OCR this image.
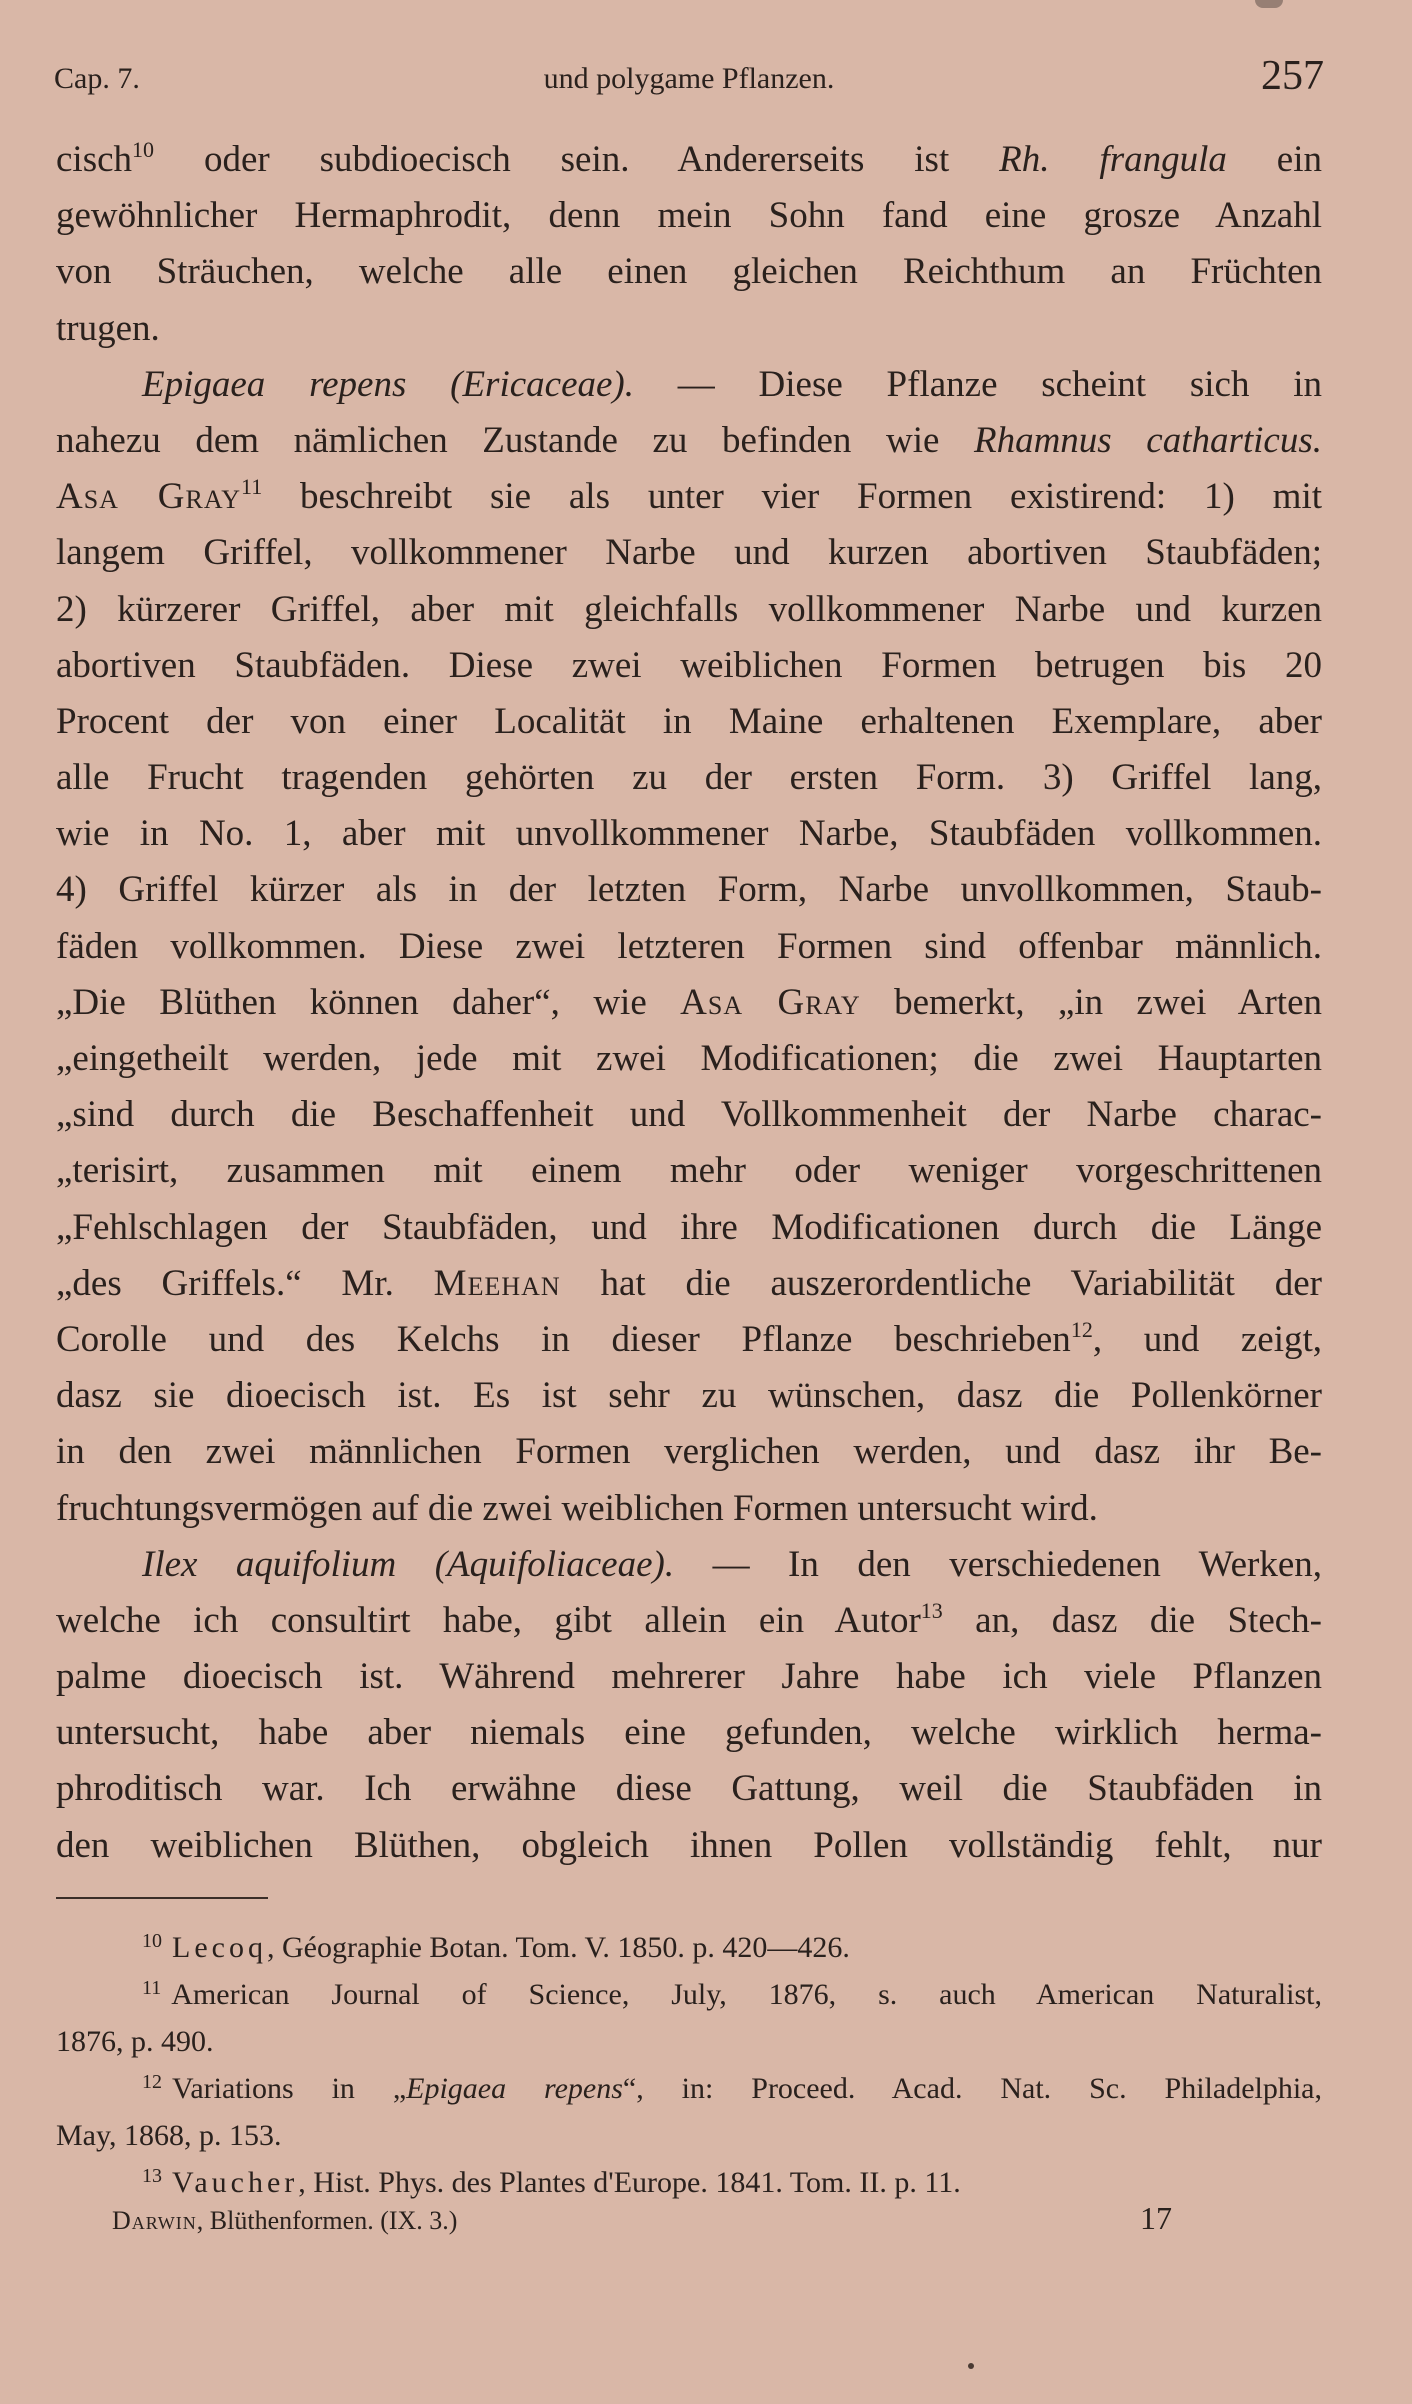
Cap. 7.	und polygame Pflanzen.	257
cisch$^{10}$ oder subdioecisch sein. Andererseits ist Rh. frangula ein
gewöhnlicher Hermaphrodit, denn mein Sohn fand eine grosze Anzahl
von Sträuchen, welche alle einen gleichen Reichthum an Früchten
trugen.
Epigaea repens (Ericaceae). — Diese Pflanze scheint sich in
nahezu dem nämlichen Zustande zu befinden wie Rhamnus catharticus.
Asa Gray$^{11}$ beschreibt sie als unter vier Formen existirend: 1) mit
langem Griffel, vollkommener Narbe und kurzen abortiven Staubfäden;
2) kürzerer Griffel, aber mit gleichfalls vollkommener Narbe und kurzen
abortiven Staubfäden. Diese zwei weiblichen Formen betrugen bis 20
Procent der von einer Localität in Maine erhaltenen Exemplare, aber
alle Frucht tragenden gehörten zu der ersten Form. 3) Griffel lang,
wie in No. 1, aber mit unvollkommener Narbe, Staubfäden vollkommen.
4) Griffel kürzer als in der letzten Form, Narbe unvollkommen, Staub-
fäden vollkommen. Diese zwei letzteren Formen sind offenbar männlich.
„Die Blüthen können daher“, wie Asa Gray bemerkt, „in zwei Arten
„eingetheilt werden, jede mit zwei Modificationen; die zwei Hauptarten
„sind durch die Beschaffenheit und Vollkommenheit der Narbe charac-
„terisirt, zusammen mit einem mehr oder weniger vorgeschrittenen
„Fehlschlagen der Staubfäden, und ihre Modificationen durch die Länge
„des Griffels.“ Mr. Meehan hat die auszerordentliche Variabilität der
Corolle und des Kelchs in dieser Pflanze beschrieben$^{12}$, und zeigt,
dasz sie dioecisch ist. Es ist sehr zu wünschen, dasz die Pollenkörner
in den zwei männlichen Formen verglichen werden, und dasz ihr Be-
fruchtungsvermögen auf die zwei weiblichen Formen untersucht wird.
Ilex aquifolium (Aquifoliaceae). — In den verschiedenen Werken,
welche ich consultirt habe, gibt allein ein Autor$^{13}$ an, dasz die Stech-
palme dioecisch ist. Während mehrerer Jahre habe ich viele Pflanzen
untersucht, habe aber niemals eine gefunden, welche wirklich herma-
phroditisch war. Ich erwähne diese Gattung, weil die Staubfäden in
den weiblichen Blüthen, obgleich ihnen Pollen vollständig fehlt, nur
$^{10}$ Lecoq, Géographie Botan. Tom. V. 1850. p. 420—426.
$^{11}$ American Journal of Science, July, 1876, s. auch American Naturalist,
1876, p. 490.
$^{12}$ Variations in „Epigaea repens“, in: Proceed. Acad. Nat. Sc. Philadelphia,
May, 1868, p. 153.
$^{13}$ Vaucher, Hist. Phys. des Plantes d'Europe. 1841. Tom. II. p. 11.
Darwin, Blüthenformen. (IX. 3.)	17
